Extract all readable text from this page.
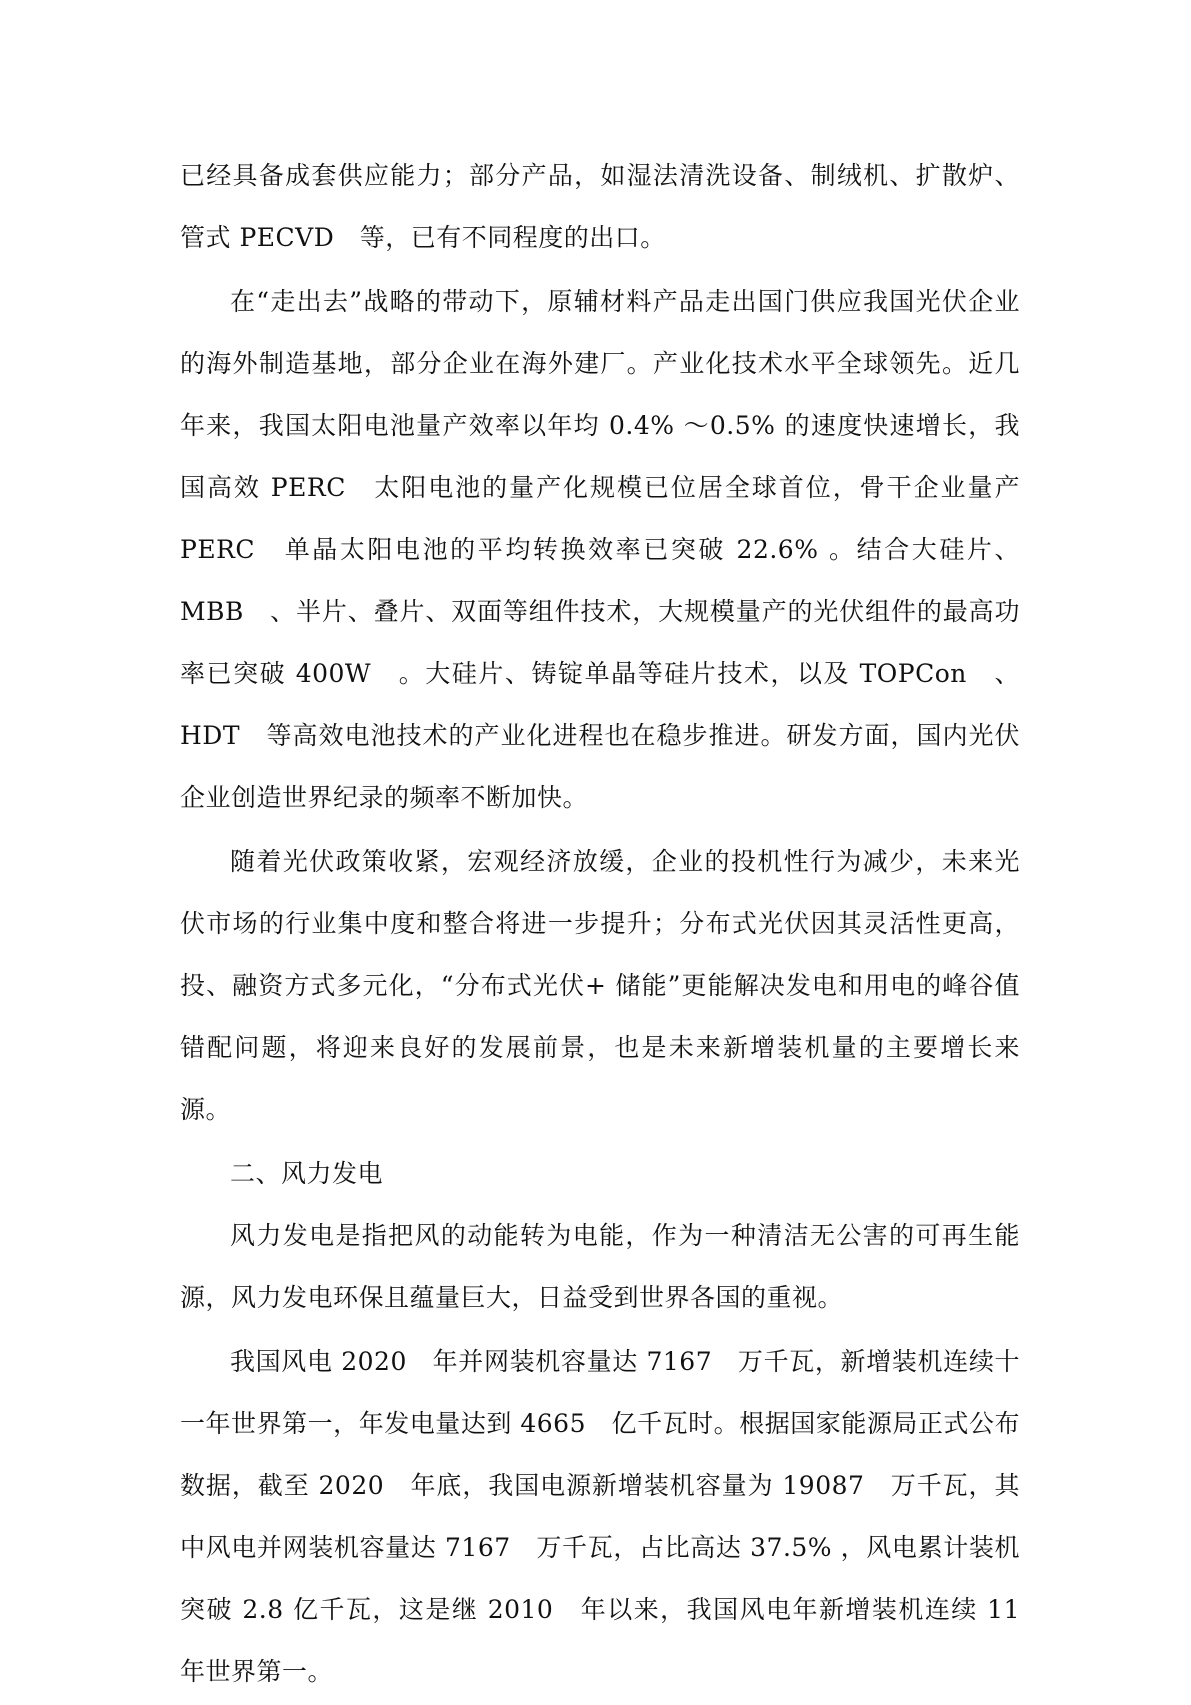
已经具备成套供应能力；部分产品，如湿法清洗设备、制绒机、扩散炉、管式 PECVD　等，已有不同程度的出口。

在“走出去”战略的带动下，原辅材料产品走出国门供应我国光伏企业的海外制造基地，部分企业在海外建厂。产业化技术水平全球领先。近几年来，我国太阳电池量产效率以年均 0.4% ～0.5% 的速度快速增长，我国高效 PERC　太阳电池的量产化规模已位居全球首位，骨干企业量产 PERC　单晶太阳电池的平均转换效率已突破 22.6% 。结合大硅片、MBB　、半片、叠片、双面等组件技术，大规模量产的光伏组件的最高功率已突破 400W　。大硅片、铸锭单晶等硅片技术，以及 TOPCon　、HDT　等高效电池技术的产业化进程也在稳步推进。研发方面，国内光伏企业创造世界纪录的频率不断加快。

随着光伏政策收紧，宏观经济放缓，企业的投机性行为减少，未来光伏市场的行业集中度和整合将进一步提升；分布式光伏因其灵活性更高，投、融资方式多元化，“分布式光伏+ 储能”更能解决发电和用电的峰谷值错配问题，将迎来良好的发展前景，也是未来新增装机量的主要增长来源。

二、风力发电

风力发电是指把风的动能转为电能，作为一种清洁无公害的可再生能源，风力发电环保且蕴量巨大，日益受到世界各国的重视。

我国风电 2020　年并网装机容量达 7167　万千瓦，新增装机连续十一年世界第一，年发电量达到 4665　亿千瓦时。根据国家能源局正式公布数据，截至 2020　年底，我国电源新增装机容量为 19087　万千瓦，其中风电并网装机容量达 7167　万千瓦，占比高达 37.5% ，风电累计装机突破 2.8 亿千瓦，这是继 2010　年以来，我国风电年新增装机连续 11 年世界第一。
